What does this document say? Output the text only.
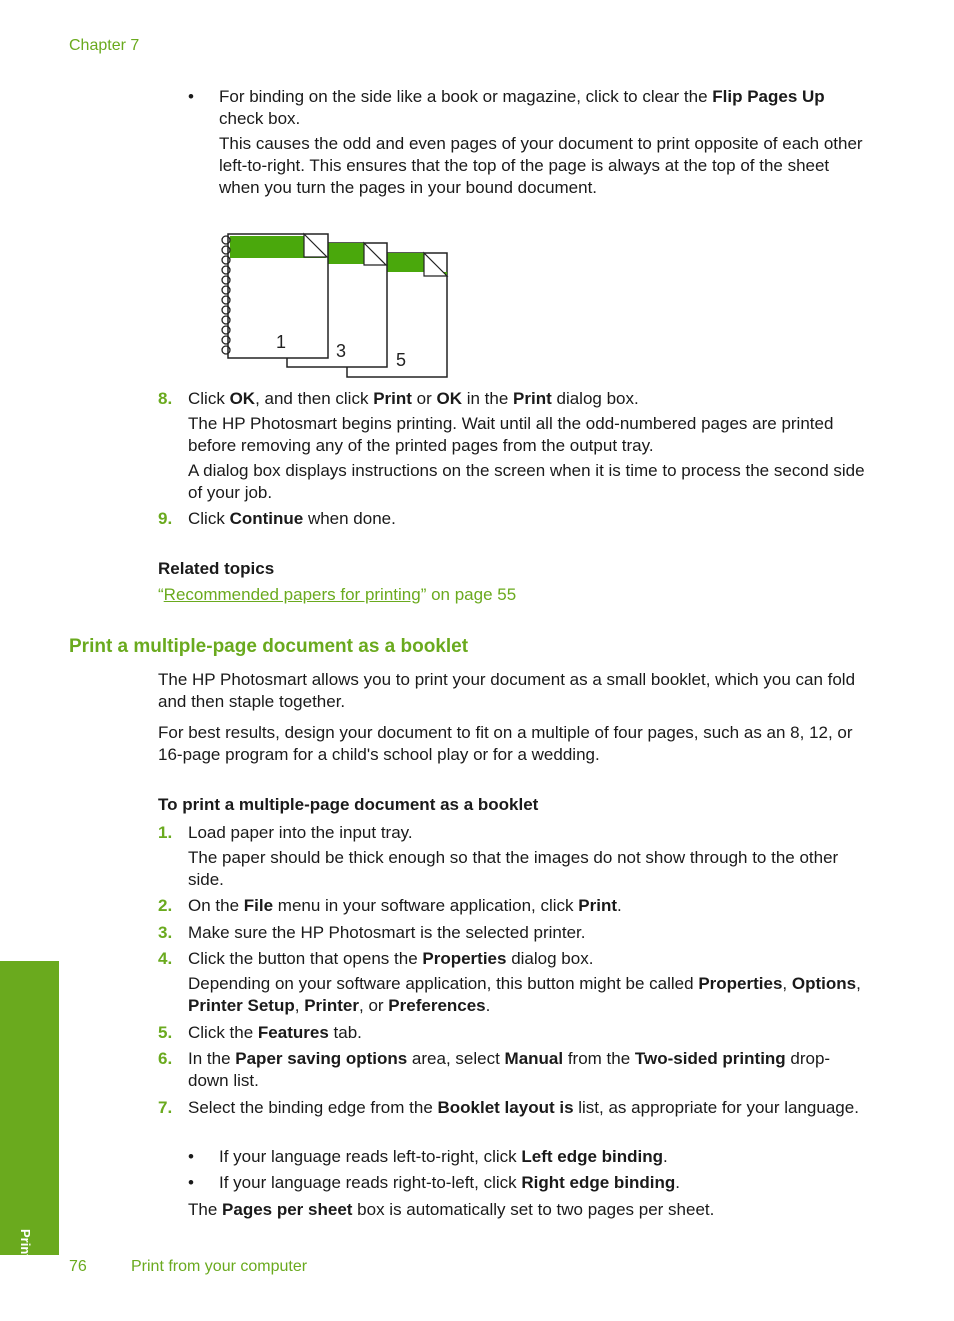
Chapter 7
• For binding on the side like a book or magazine, click to clear the Flip Pages Up check box.
This causes the odd and even pages of your document to print opposite of each other left-to-right. This ensures that the top of the page is always at the top of the sheet when you turn the pages in your bound document.
5
3
1
8. Click OK, and then click Print or OK in the Print dialog box.
The HP Photosmart begins printing. Wait until all the odd-numbered pages are printed before removing any of the printed pages from the output tray.
A dialog box displays instructions on the screen when it is time to process the second side of your job.
9. Click Continue when done.
Related topics
“Recommended papers for printing” on page 55
Print a multiple-page document as a booklet
The HP Photosmart allows you to print your document as a small booklet, which you can fold and then staple together.
For best results, design your document to fit on a multiple of four pages, such as an 8, 12, or 16-page program for a child's school play or for a wedding.
To print a multiple-page document as a booklet
1. Load paper into the input tray.
The paper should be thick enough so that the images do not show through to the other side.
2. On the File menu in your software application, click Print.
3. Make sure the HP Photosmart is the selected printer.
4. Click the button that opens the Properties dialog box.
Depending on your software application, this button might be called Properties, Options, Printer Setup, Printer, or Preferences.
5. Click the Features tab.
6. In the Paper saving options area, select Manual from the Two-sided printing drop-down list.
7. Select the binding edge from the Booklet layout is list, as appropriate for your language.
• If your language reads left-to-right, click Left edge binding.
• If your language reads right-to-left, click Right edge binding.
The Pages per sheet box is automatically set to two pages per sheet.
Print
76	Print from your computer
